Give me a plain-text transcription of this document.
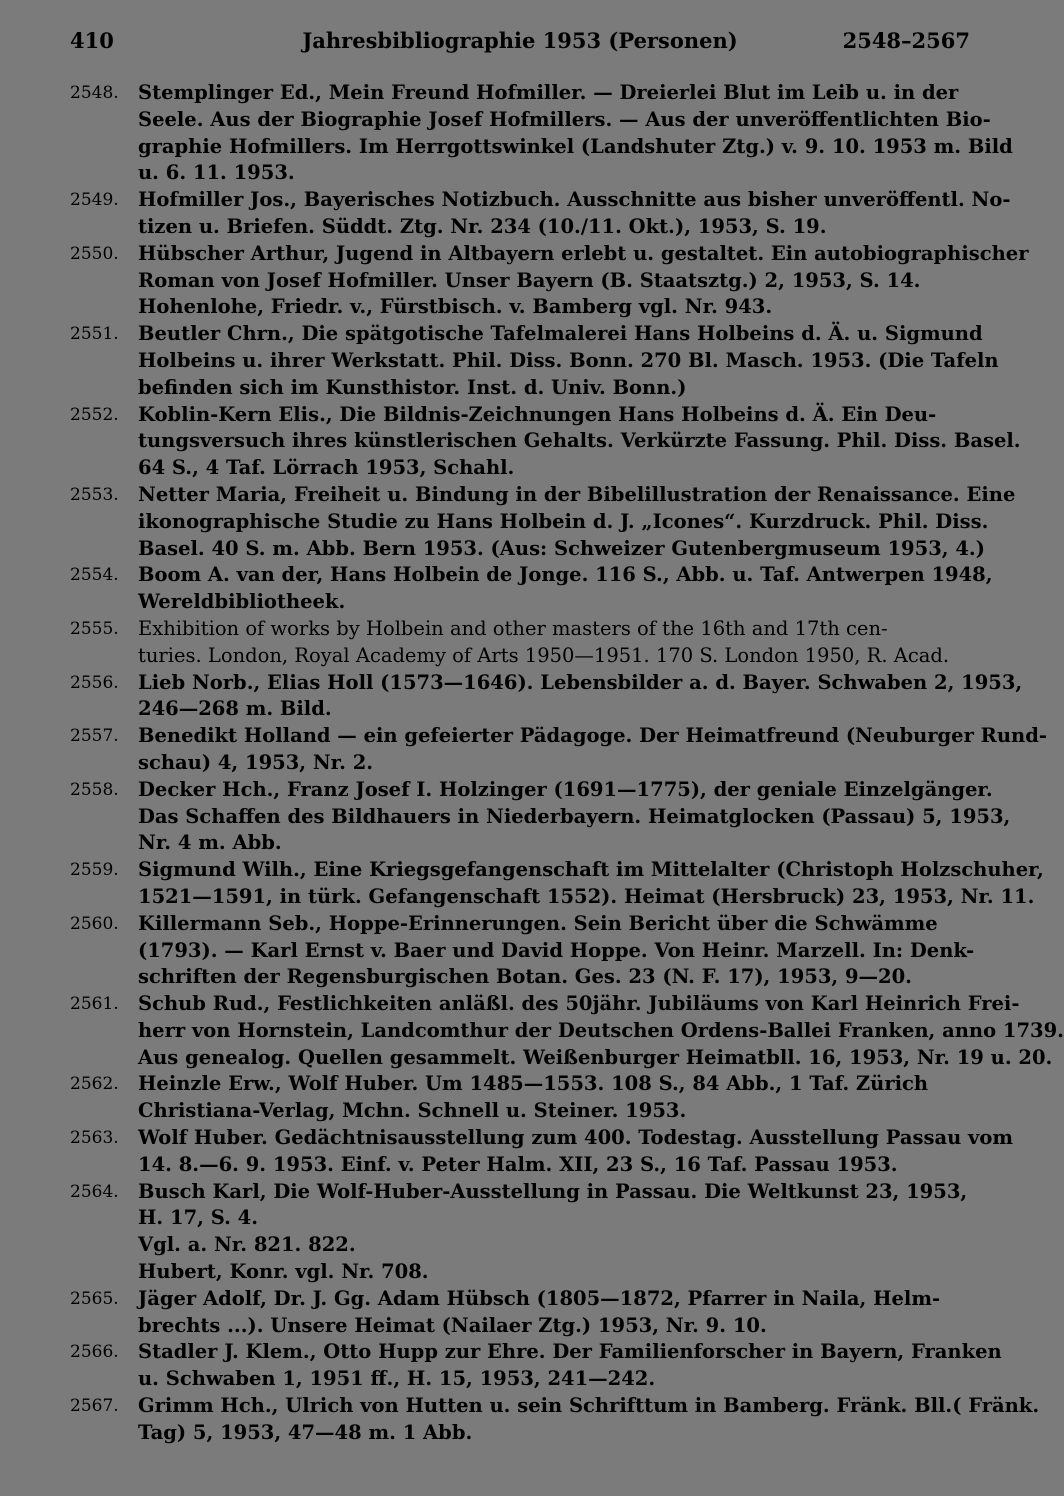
410	Jahresbibliographie 1953 (Personen)	2548–2567
2548. Stemplinger Ed., Mein Freund Hofmiller. — Dreierlei Blut im Leib u. in der
Seele. Aus der Biographie Josef Hofmillers. — Aus der unveröffentlichten Bio-
graphie Hofmillers. Im Herrgottswinkel (Landshuter Ztg.) v. 9. 10. 1953 m. Bild
u. 6. 11. 1953.
2549. Hofmiller Jos., Bayerisches Notizbuch. Ausschnitte aus bisher unveröffentl. No-
tizen u. Briefen. Süddt. Ztg. Nr. 234 (10./11. Okt.), 1953, S. 19.
2550. Hübscher Arthur, Jugend in Altbayern erlebt u. gestaltet. Ein autobiographischer
Roman von Josef Hofmiller. Unser Bayern (B. Staatsztg.) 2, 1953, S. 14.
Hohenlohe, Friedr. v., Fürstbisch. v. Bamberg vgl. Nr. 943.
2551. Beutler Chrn., Die spätgotische Tafelmalerei Hans Holbeins d. Ä. u. Sigmund
Holbeins u. ihrer Werkstatt. Phil. Diss. Bonn. 270 Bl. Masch. 1953. (Die Tafeln
befinden sich im Kunsthistor. Inst. d. Univ. Bonn.)
2552. Koblin-Kern Elis., Die Bildnis-Zeichnungen Hans Holbeins d. Ä. Ein Deu-
tungsversuch ihres künstlerischen Gehalts. Verkürzte Fassung. Phil. Diss. Basel.
64 S., 4 Taf. Lörrach 1953, Schahl.
2553. Netter Maria, Freiheit u. Bindung in der Bibelillustration der Renaissance. Eine
ikonographische Studie zu Hans Holbein d. J. „Icones“. Kurzdruck. Phil. Diss.
Basel. 40 S. m. Abb. Bern 1953. (Aus: Schweizer Gutenbergmuseum 1953, 4.)
2554. Boom A. van der, Hans Holbein de Jonge. 116 S., Abb. u. Taf. Antwerpen 1948,
Wereldbibliotheek.
2555. Exhibition of works by Holbein and other masters of the 16th and 17th cen-
turies. London, Royal Academy of Arts 1950—1951. 170 S. London 1950, R. Acad.
2556. Lieb Norb., Elias Holl (1573—1646). Lebensbilder a. d. Bayer. Schwaben 2, 1953,
246—268 m. Bild.
2557. Benedikt Holland — ein gefeierter Pädagoge. Der Heimatfreund (Neuburger Rund-
schau) 4, 1953, Nr. 2.
2558. Decker Hch., Franz Josef I. Holzinger (1691—1775), der geniale Einzelgänger.
Das Schaffen des Bildhauers in Niederbayern. Heimatglocken (Passau) 5, 1953,
Nr. 4 m. Abb.
2559. Sigmund Wilh., Eine Kriegsgefangenschaft im Mittelalter (Christoph Holzschuher,
1521—1591, in türk. Gefangenschaft 1552). Heimat (Hersbruck) 23, 1953, Nr. 11.
2560. Killermann Seb., Hoppe-Erinnerungen. Sein Bericht über die Schwämme
(1793). — Karl Ernst v. Baer und David Hoppe. Von Heinr. Marzell. In: Denk-
schriften der Regensburgischen Botan. Ges. 23 (N. F. 17), 1953, 9—20.
2561. Schub Rud., Festlichkeiten anläßl. des 50jähr. Jubiläums von Karl Heinrich Frei-
herr von Hornstein, Landcomthur der Deutschen Ordens-Ballei Franken, anno 1739.
Aus genealog. Quellen gesammelt. Weißenburger Heimatbll. 16, 1953, Nr. 19 u. 20.
2562. Heinzle Erw., Wolf Huber. Um 1485—1553. 108 S., 84 Abb., 1 Taf. Zürich
Christiana-Verlag, Mchn. Schnell u. Steiner. 1953.
2563. Wolf Huber. Gedächtnisausstellung zum 400. Todestag. Ausstellung Passau vom
14. 8.—6. 9. 1953. Einf. v. Peter Halm. XII, 23 S., 16 Taf. Passau 1953.
2564. Busch Karl, Die Wolf-Huber-Ausstellung in Passau. Die Weltkunst 23, 1953,
H. 17, S. 4.
Vgl. a. Nr. 821. 822.
Hubert, Konr. vgl. Nr. 708.
2565. Jäger Adolf, Dr. J. Gg. Adam Hübsch (1805—1872, Pfarrer in Naila, Helm-
brechts ...). Unsere Heimat (Nailaer Ztg.) 1953, Nr. 9. 10.
2566. Stadler J. Klem., Otto Hupp zur Ehre. Der Familienforscher in Bayern, Franken
u. Schwaben 1, 1951 ff., H. 15, 1953, 241—242.
2567. Grimm Hch., Ulrich von Hutten u. sein Schrifttum in Bamberg. Fränk. Bll.( Fränk.
Tag) 5, 1953, 47—48 m. 1 Abb.
